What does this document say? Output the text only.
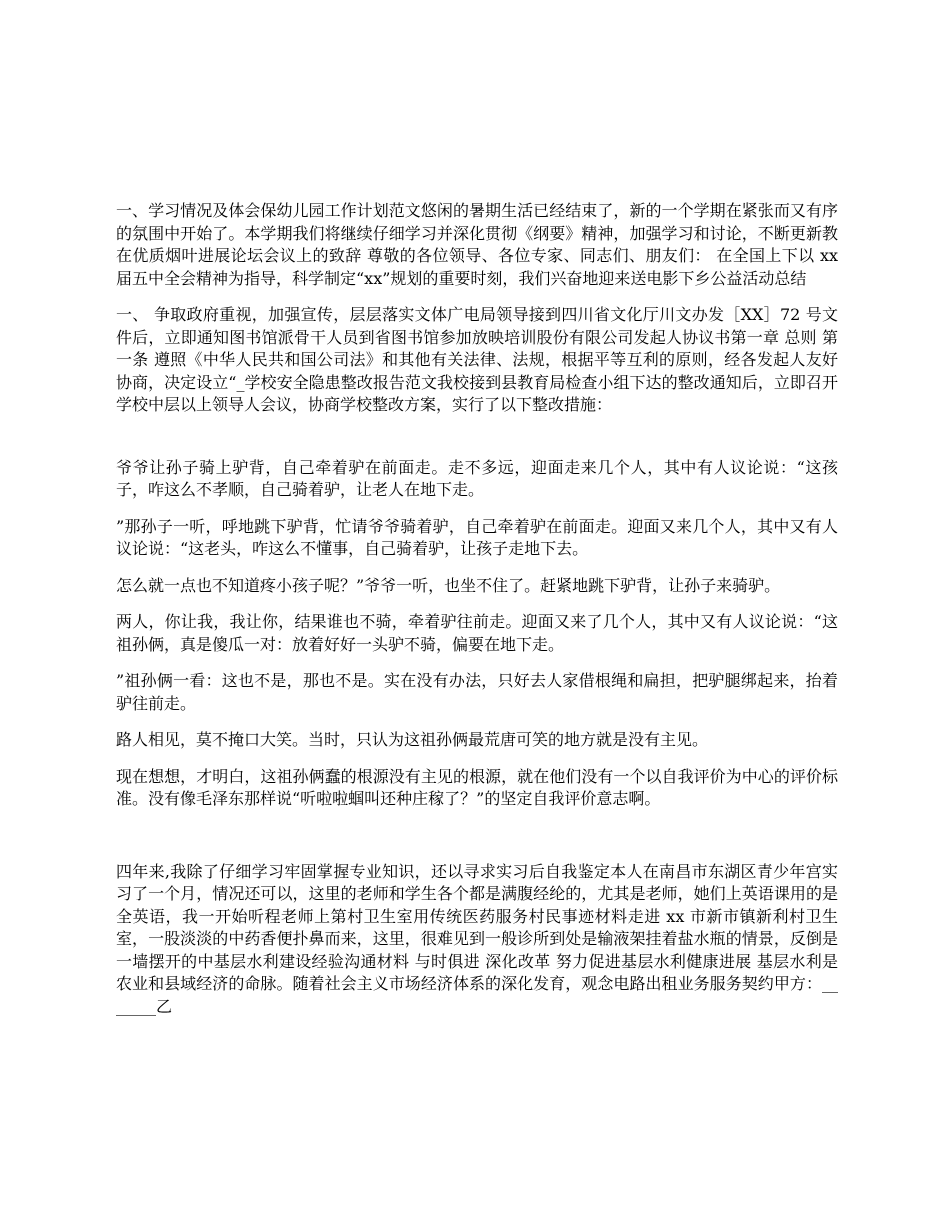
一、学习情况及体会保幼儿园工作计划范文悠闲的暑期生活已经结束了，新的一个学期在紧张而又有序的氛围中开始了。本学期我们将继续仔细学习并深化贯彻《纲要》精神，加强学习和讨论，不断更新教在优质烟叶进展论坛会议上的致辞 尊敬的各位领导、各位专家、同志们、朋友们： 在全国上下以 xx 届五中全会精神为指导，科学制定“xx”规划的重要时刻，我们兴奋地迎来送电影下乡公益活动总结

一、 争取政府重视，加强宣传，层层落实文体广电局领导接到四川省文化厅川文办发［XX］72 号文件后，立即通知图书馆派骨干人员到省图书馆参加放映培训股份有限公司发起人协议书第一章 总则 第一条 遵照《中华人民共和国公司法》和其他有关法律、法规，根据平等互利的原则，经各发起人友好协商，决定设立“_学校安全隐患整改报告范文我校接到县教育局检查小组下达的整改通知后，立即召开学校中层以上领导人会议，协商学校整改方案，实行了以下整改措施：

爷爷让孙子骑上驴背，自己牵着驴在前面走。走不多远，迎面走来几个人，其中有人议论说：“这孩子，咋这么不孝顺，自己骑着驴，让老人在地下走。

”那孙子一听，呼地跳下驴背，忙请爷爷骑着驴，自己牵着驴在前面走。迎面又来几个人，其中又有人议论说：“这老头，咋这么不懂事，自己骑着驴，让孩子走地下去。

怎么就一点也不知道疼小孩子呢？”爷爷一听，也坐不住了。赶紧地跳下驴背，让孙子来骑驴。

两人，你让我，我让你，结果谁也不骑，牵着驴往前走。迎面又来了几个人，其中又有人议论说：“这祖孙俩，真是傻瓜一对：放着好好一头驴不骑，偏要在地下走。

”祖孙俩一看：这也不是，那也不是。实在没有办法，只好去人家借根绳和扁担，把驴腿绑起来，抬着驴往前走。

路人相见，莫不掩口大笑。当时，只认为这祖孙俩最荒唐可笑的地方就是没有主见。

现在想想，才明白，这祖孙俩蠢的根源没有主见的根源，就在他们没有一个以自我评价为中心的评价标准。没有像毛泽东那样说“听啦啦蝈叫还种庄稼了？”的坚定自我评价意志啊。

四年来,我除了仔细学习牢固掌握专业知识，还以寻求实习后自我鉴定本人在南昌市东湖区青少年宫实习了一个月，情况还可以，这里的老师和学生各个都是满腹经纶的，尤其是老师，她们上英语课用的是全英语，我一开始听程老师上第村卫生室用传统医药服务村民事迹材料走进 xx 市新市镇新利村卫生室，一股淡淡的中药香便扑鼻而来，这里，很难见到一般诊所到处是输液架挂着盐水瓶的情景，反倒是一墙摆开的中基层水利建设经验沟通材料 与时俱进 深化改革 努力促进基层水利健康进展 基层水利是农业和县域经济的命脉。随着社会主义市场经济体系的深化发育，观念电路出租业务服务契约甲方：_______乙
